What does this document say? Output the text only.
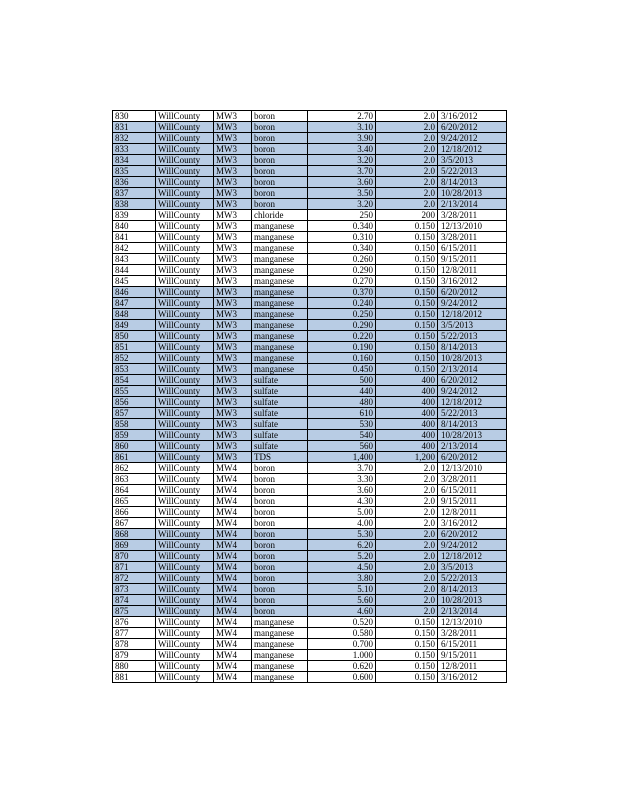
830	WillCounty	MW3	boron	2.70	2.0	3/16/2012
831	WillCounty	MW3	boron	3.10	2.0	6/20/2012
832	WillCounty	MW3	boron	3.90	2.0	9/24/2012
833	WillCounty	MW3	boron	3.40	2.0	12/18/2012
834	WillCounty	MW3	boron	3.20	2.0	3/5/2013
835	WillCounty	MW3	boron	3.70	2.0	5/22/2013
836	WillCounty	MW3	boron	3.60	2.0	8/14/2013
837	WillCounty	MW3	boron	3.50	2.0	10/28/2013
838	WillCounty	MW3	boron	3.20	2.0	2/13/2014
839	WillCounty	MW3	chloride	250	200	3/28/2011
840	WillCounty	MW3	manganese	0.340	0.150	12/13/2010
841	WillCounty	MW3	manganese	0.310	0.150	3/28/2011
842	WillCounty	MW3	manganese	0.340	0.150	6/15/2011
843	WillCounty	MW3	manganese	0.260	0.150	9/15/2011
844	WillCounty	MW3	manganese	0.290	0.150	12/8/2011
845	WillCounty	MW3	manganese	0.270	0.150	3/16/2012
846	WillCounty	MW3	manganese	0.370	0.150	6/20/2012
847	WillCounty	MW3	manganese	0.240	0.150	9/24/2012
848	WillCounty	MW3	manganese	0.250	0.150	12/18/2012
849	WillCounty	MW3	manganese	0.290	0.150	3/5/2013
850	WillCounty	MW3	manganese	0.220	0.150	5/22/2013
851	WillCounty	MW3	manganese	0.190	0.150	8/14/2013
852	WillCounty	MW3	manganese	0.160	0.150	10/28/2013
853	WillCounty	MW3	manganese	0.450	0.150	2/13/2014
854	WillCounty	MW3	sulfate	500	400	6/20/2012
855	WillCounty	MW3	sulfate	440	400	9/24/2012
856	WillCounty	MW3	sulfate	480	400	12/18/2012
857	WillCounty	MW3	sulfate	610	400	5/22/2013
858	WillCounty	MW3	sulfate	530	400	8/14/2013
859	WillCounty	MW3	sulfate	540	400	10/28/2013
860	WillCounty	MW3	sulfate	560	400	2/13/2014
861	WillCounty	MW3	TDS	1,400	1,200	6/20/2012
862	WillCounty	MW4	boron	3.70	2.0	12/13/2010
863	WillCounty	MW4	boron	3.30	2.0	3/28/2011
864	WillCounty	MW4	boron	3.60	2.0	6/15/2011
865	WillCounty	MW4	boron	4.30	2.0	9/15/2011
866	WillCounty	MW4	boron	5.00	2.0	12/8/2011
867	WillCounty	MW4	boron	4.00	2.0	3/16/2012
868	WillCounty	MW4	boron	5.30	2.0	6/20/2012
869	WillCounty	MW4	boron	6.20	2.0	9/24/2012
870	WillCounty	MW4	boron	5.20	2.0	12/18/2012
871	WillCounty	MW4	boron	4.50	2.0	3/5/2013
872	WillCounty	MW4	boron	3.80	2.0	5/22/2013
873	WillCounty	MW4	boron	5.10	2.0	8/14/2013
874	WillCounty	MW4	boron	5.60	2.0	10/28/2013
875	WillCounty	MW4	boron	4.60	2.0	2/13/2014
876	WillCounty	MW4	manganese	0.520	0.150	12/13/2010
877	WillCounty	MW4	manganese	0.580	0.150	3/28/2011
878	WillCounty	MW4	manganese	0.700	0.150	6/15/2011
879	WillCounty	MW4	manganese	1.000	0.150	9/15/2011
880	WillCounty	MW4	manganese	0.620	0.150	12/8/2011
881	WillCounty	MW4	manganese	0.600	0.150	3/16/2012
